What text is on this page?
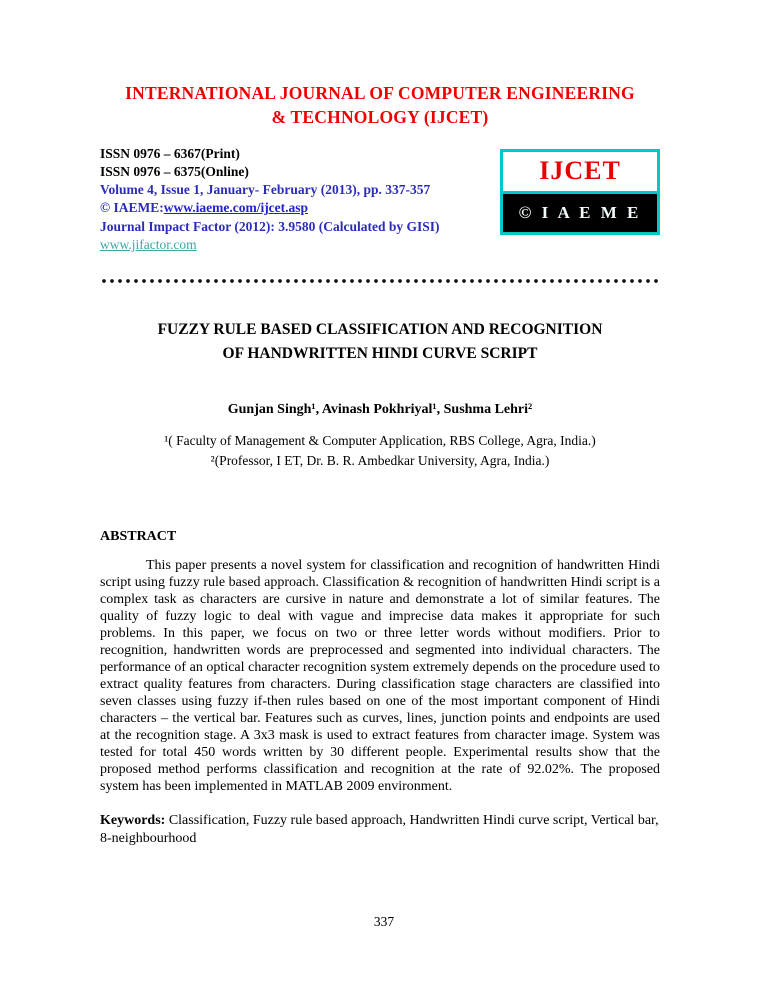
INTERNATIONAL JOURNAL OF COMPUTER ENGINEERING
& TECHNOLOGY (IJCET)
ISSN 0976 – 6367(Print)
ISSN 0976 – 6375(Online)
Volume 4, Issue 1, January- February (2013), pp. 337-357
© IAEME:www.iaeme.com/ijcet.asp
Journal Impact Factor (2012): 3.9580 (Calculated by GISI)
www.jifactor.com
IJCET
© I A E M E
FUZZY RULE BASED CLASSIFICATION AND RECOGNITION
OF HANDWRITTEN HINDI CURVE SCRIPT
Gunjan Singh¹, Avinash Pokhriyal¹, Sushma Lehri²
¹( Faculty of Management & Computer Application, RBS College, Agra, India.)
²(Professor, I ET, Dr. B. R. Ambedkar University, Agra, India.)
ABSTRACT

This paper presents a novel system for classification and recognition of handwritten Hindi script using fuzzy rule based approach. Classification & recognition of handwritten Hindi script is a complex task as characters are cursive in nature and demonstrate a lot of similar features. The quality of fuzzy logic to deal with vague and imprecise data makes it appropriate for such problems. In this paper, we focus on two or three letter words without modifiers. Prior to recognition, handwritten words are preprocessed and segmented into individual characters. The performance of an optical character recognition system extremely depends on the procedure used to extract quality features from characters. During classification stage characters are classified into seven classes using fuzzy if-then rules based on one of the most important component of Hindi characters – the vertical bar. Features such as curves, lines, junction points and endpoints are used at the recognition stage. A 3x3 mask is used to extract features from character image. System was tested for total 450 words written by 30 different people. Experimental results show that the proposed method performs classification and recognition at the rate of 92.02%. The proposed system has been implemented in MATLAB 2009 environment.

Keywords: Classification, Fuzzy rule based approach, Handwritten Hindi curve script, Vertical bar, 8-neighbourhood

337
